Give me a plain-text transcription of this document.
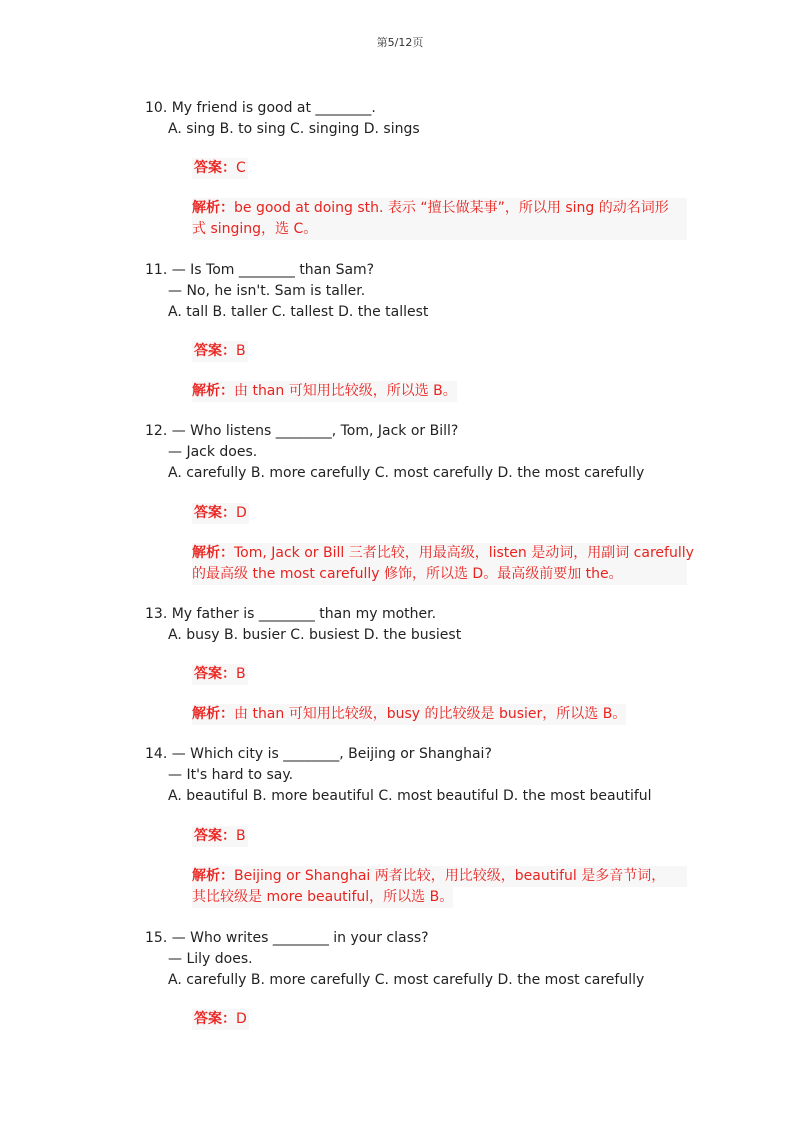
第5/12页
10. My friend is good at ________.
A. sing B. to sing C. singing D. sings
答案：C
解析：be good at doing sth. 表示 “擅长做某事”，所以用 sing 的动名词形
式 singing，选 C。
11. — Is Tom ________ than Sam?
— No, he isn't. Sam is taller.
A. tall B. taller C. tallest D. the tallest
答案：B
解析：由 than 可知用比较级，所以选 B。
12. — Who listens ________, Tom, Jack or Bill?
— Jack does.
A. carefully B. more carefully C. most carefully D. the most carefully
答案：D
解析：Tom, Jack or Bill 三者比较，用最高级，listen 是动词，用副词 carefully
的最高级 the most carefully 修饰，所以选 D。最高级前要加 the。
13. My father is ________ than my mother.
A. busy B. busier C. busiest D. the busiest
答案：B
解析：由 than 可知用比较级，busy 的比较级是 busier，所以选 B。
14. — Which city is ________, Beijing or Shanghai?
— It's hard to say.
A. beautiful B. more beautiful C. most beautiful D. the most beautiful
答案：B
解析：Beijing or Shanghai 两者比较，用比较级，beautiful 是多音节词，
其比较级是 more beautiful，所以选 B。
15. — Who writes ________ in your class?
— Lily does.
A. carefully B. more carefully C. most carefully D. the most carefully
答案：D
